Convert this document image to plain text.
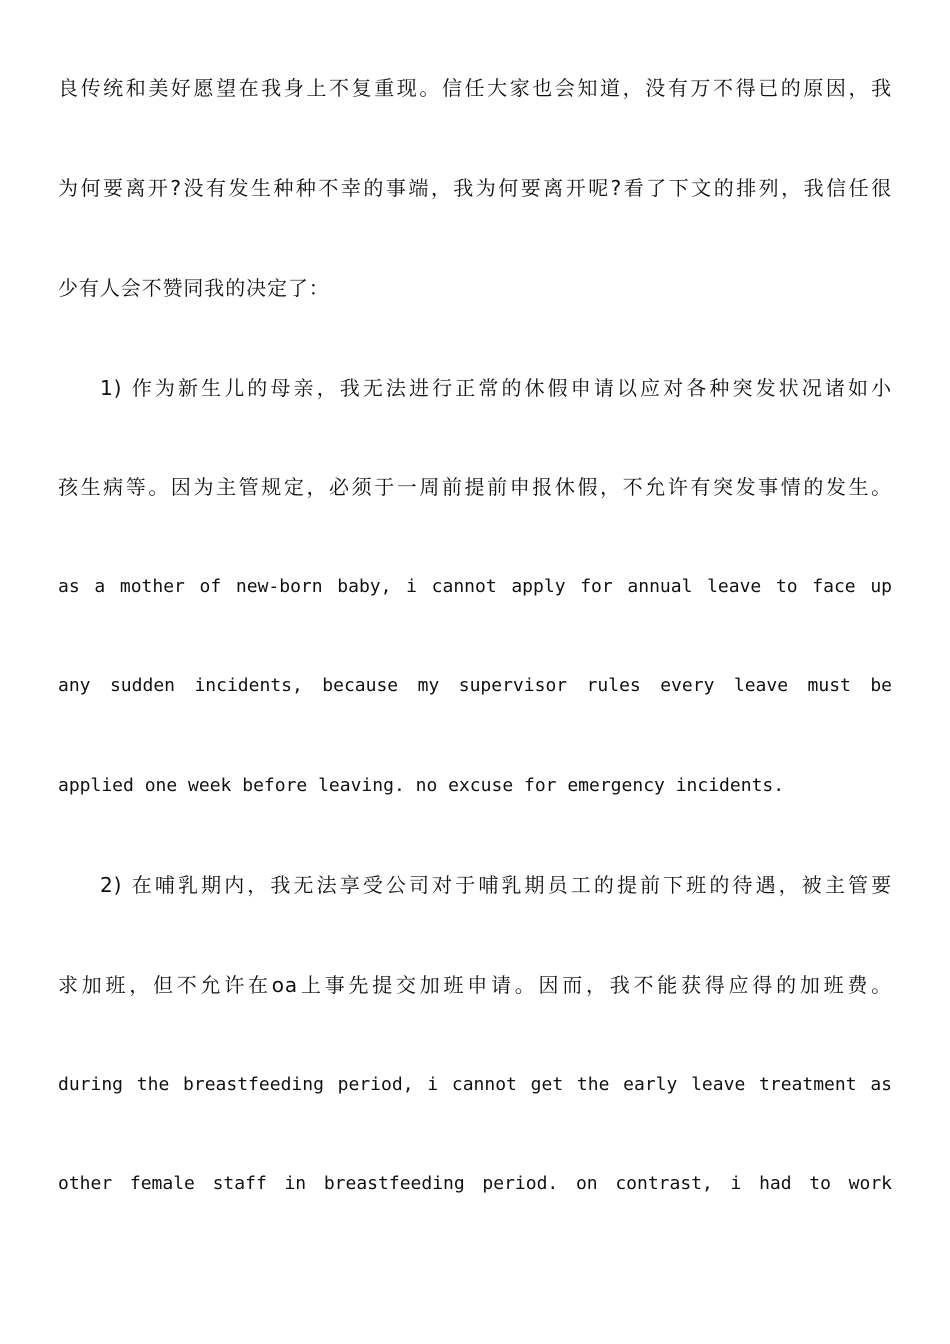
良传统和美好愿望在我身上不复重现。信任大家也会知道，没有万不得已的原因，我
为何要离开?没有发生种种不幸的事端，我为何要离开呢?看了下文的排列，我信任很
少有人会不赞同我的决定了：
1) 作为新生儿的母亲，我无法进行正常的休假申请以应对各种突发状况诸如小
孩生病等。因为主管规定，必须于一周前提前申报休假，不允许有突发事情的发生。
as a mother of new-born baby, i cannot apply for annual leave to face up
any sudden incidents, because my supervisor rules every leave must be
applied one week before leaving. no excuse for emergency incidents.
2) 在哺乳期内，我无法享受公司对于哺乳期员工的提前下班的待遇，被主管要
求加班，但不允许在oa上事先提交加班申请。因而，我不能获得应得的加班费。
during the breastfeeding period, i cannot get the early leave treatment as
other female staff in breastfeeding period. on contrast, i had to work
